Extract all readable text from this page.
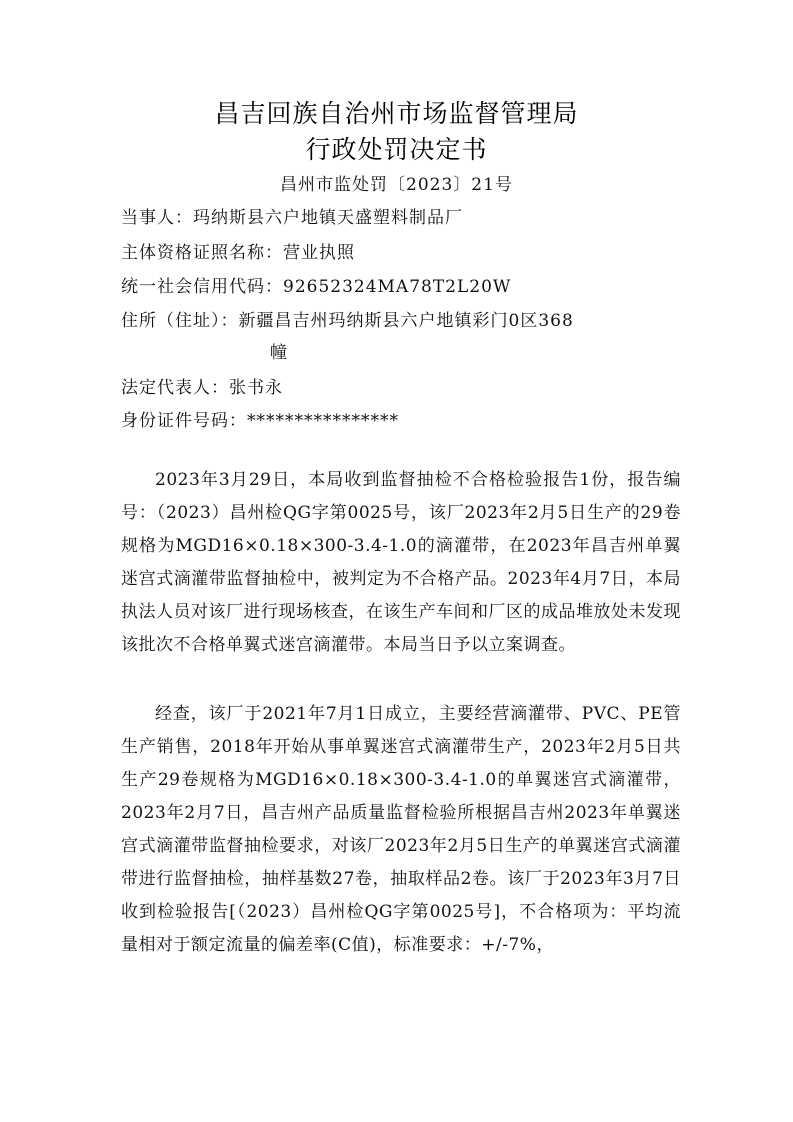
昌吉回族自治州市场监督管理局
行政处罚决定书
昌州市监处罚〔2023〕21号
当事人：玛纳斯县六户地镇天盛塑料制品厂
主体资格证照名称：营业执照
统一社会信用代码：92652324MA78T2L20W
住所（住址）：新疆昌吉州玛纳斯县六户地镇彩门0区368
幢
法定代表人：张书永
身份证件号码：****************

2023年3月29日，本局收到监督抽检不合格检验报告1份，报告编号：（2023）昌州检QG字第0025号，该厂2023年2月5日生产的29卷规格为MGD16×0.18×300-3.4-1.0的滴灌带，在2023年昌吉州单翼迷宫式滴灌带监督抽检中，被判定为不合格产品。2023年4月7日，本局执法人员对该厂进行现场核查，在该生产车间和厂区的成品堆放处未发现该批次不合格单翼式迷宫滴灌带。本局当日予以立案调查。

经查，该厂于2021年7月1日成立，主要经营滴灌带、PVC、PE管生产销售，2018年开始从事单翼迷宫式滴灌带生产，2023年2月5日共生产29卷规格为MGD16×0.18×300-3.4-1.0的单翼迷宫式滴灌带，2023年2月7日，昌吉州产品质量监督检验所根据昌吉州2023年单翼迷宫式滴灌带监督抽检要求，对该厂2023年2月5日生产的单翼迷宫式滴灌带进行监督抽检，抽样基数27卷，抽取样品2卷。该厂于2023年3月7日收到检验报告[（2023）昌州检QG字第0025号]，不合格项为：平均流量相对于额定流量的偏差率(C值)，标准要求：+/-7%，
